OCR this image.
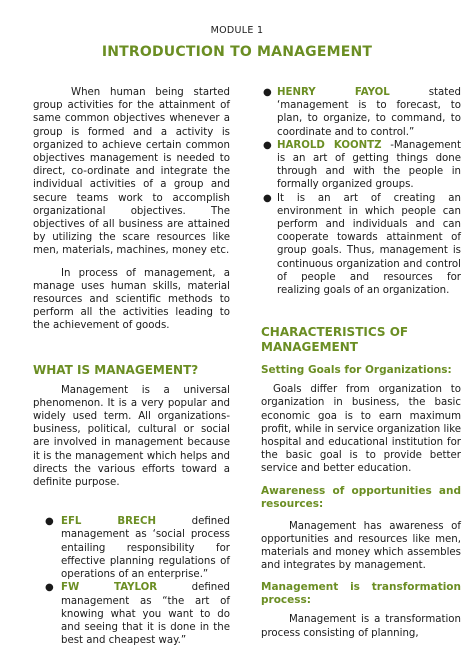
MODULE 1
INTRODUCTION TO MANAGEMENT

When human being started group activities for the attainment of same common objectives whenever a group is formed and a activity is organized to achieve certain common objectives management is needed to direct, co-ordinate and integrate the individual activities of a group and secure teams work to accomplish organizational objectives. The objectives of all business are attained by utilizing the scare resources like men, materials, machines, money etc.

In process of management, a manage uses human skills, material resources and scientific methods to perform all the activities leading to the achievement of goods.

WHAT IS MANAGEMENT?

Management is a universal phenomenon. It is a very popular and widely used term. All organizations-business, political, cultural or social are involved in management because it is the management which helps and directs the various efforts toward a definite purpose.

● EFL BRECH defined management as ‘social process entailing responsibility for effective planning regulations of operations of an enterprise.”
● FW TAYLOR defined management as “the art of knowing what you want to do and seeing that it is done in the best and cheapest way.”
● HENRY FAYOL stated ‘management is to forecast, to plan, to organize, to command, to coordinate and to control.”
● HAROLD KOONTZ -Management is an art of getting things done through and with the people in formally organized groups.
● It is an art of creating an environment in which people can perform and individuals and can cooperate towards attainment of group goals. Thus, management is continuous organization and control of people and resources for realizing goals of an organization.
CHARACTERISTICS OF MANAGEMENT
Setting Goals for Organizations:

Goals differ from organization to organization in business, the basic economic goa is to earn maximum profit, while in service organization like hospital and educational institution for the basic goal is to provide better service and better education.

Awareness of opportunities and resources:

Management has awareness of opportunities and resources like men, materials and money which assembles and integrates by management.

Management is transformation process:

Management is a transformation process consisting of planning,
